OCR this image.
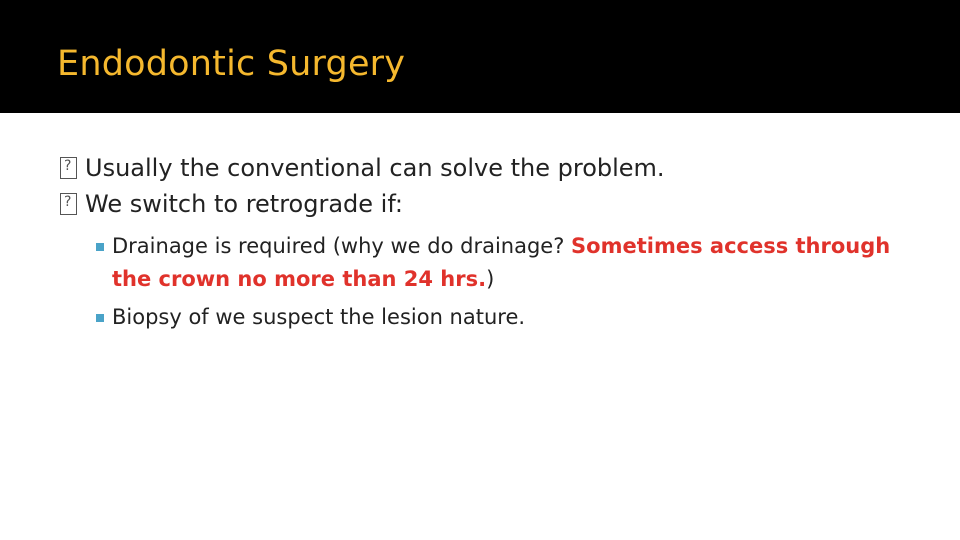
Endodontic Surgery
?
Usually the conventional can solve the problem.
?
We switch to retrograde if:
Drainage is required (why we do drainage? Sometimes access through the crown no more than 24 hrs.)
Biopsy of we suspect the lesion nature.
